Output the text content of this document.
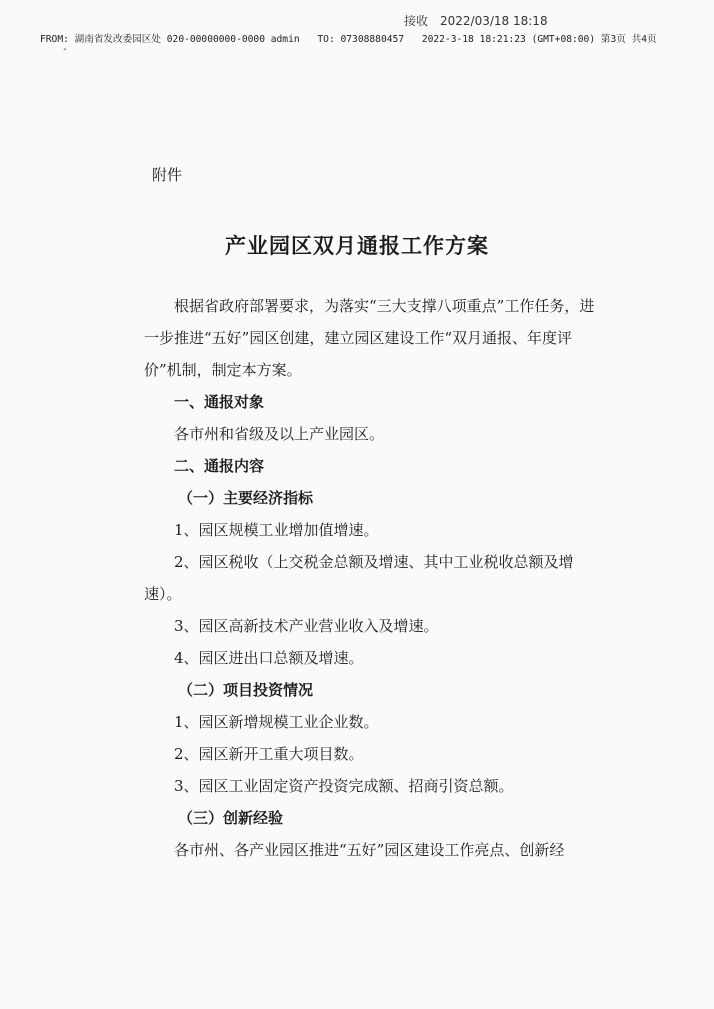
接收 2022/03/18 18:18
FROM: 湖南省发改委园区处 020-00000000-0000 admin TO: 07308880457 2022-3-18 18:21:23 (GMT+08:00) 第3页 共4页
-
附件
产业园区双月通报工作方案

根据省政府部署要求，为落实“三大支撑八项重点”工作任务，进一步推进“五好”园区创建，建立园区建设工作“双月通报、年度评价”机制，制定本方案。

一、通报对象

各市州和省级及以上产业园区。

二、通报内容

（一）主要经济指标

1、园区规模工业增加值增速。

2、园区税收（上交税金总额及增速、其中工业税收总额及增速）。

3、园区高新技术产业营业收入及增速。

4、园区进出口总额及增速。

（二）项目投资情况

1、园区新增规模工业企业数。

2、园区新开工重大项目数。

3、园区工业固定资产投资完成额、招商引资总额。

（三）创新经验

各市州、各产业园区推进“五好”园区建设工作亮点、创新经
